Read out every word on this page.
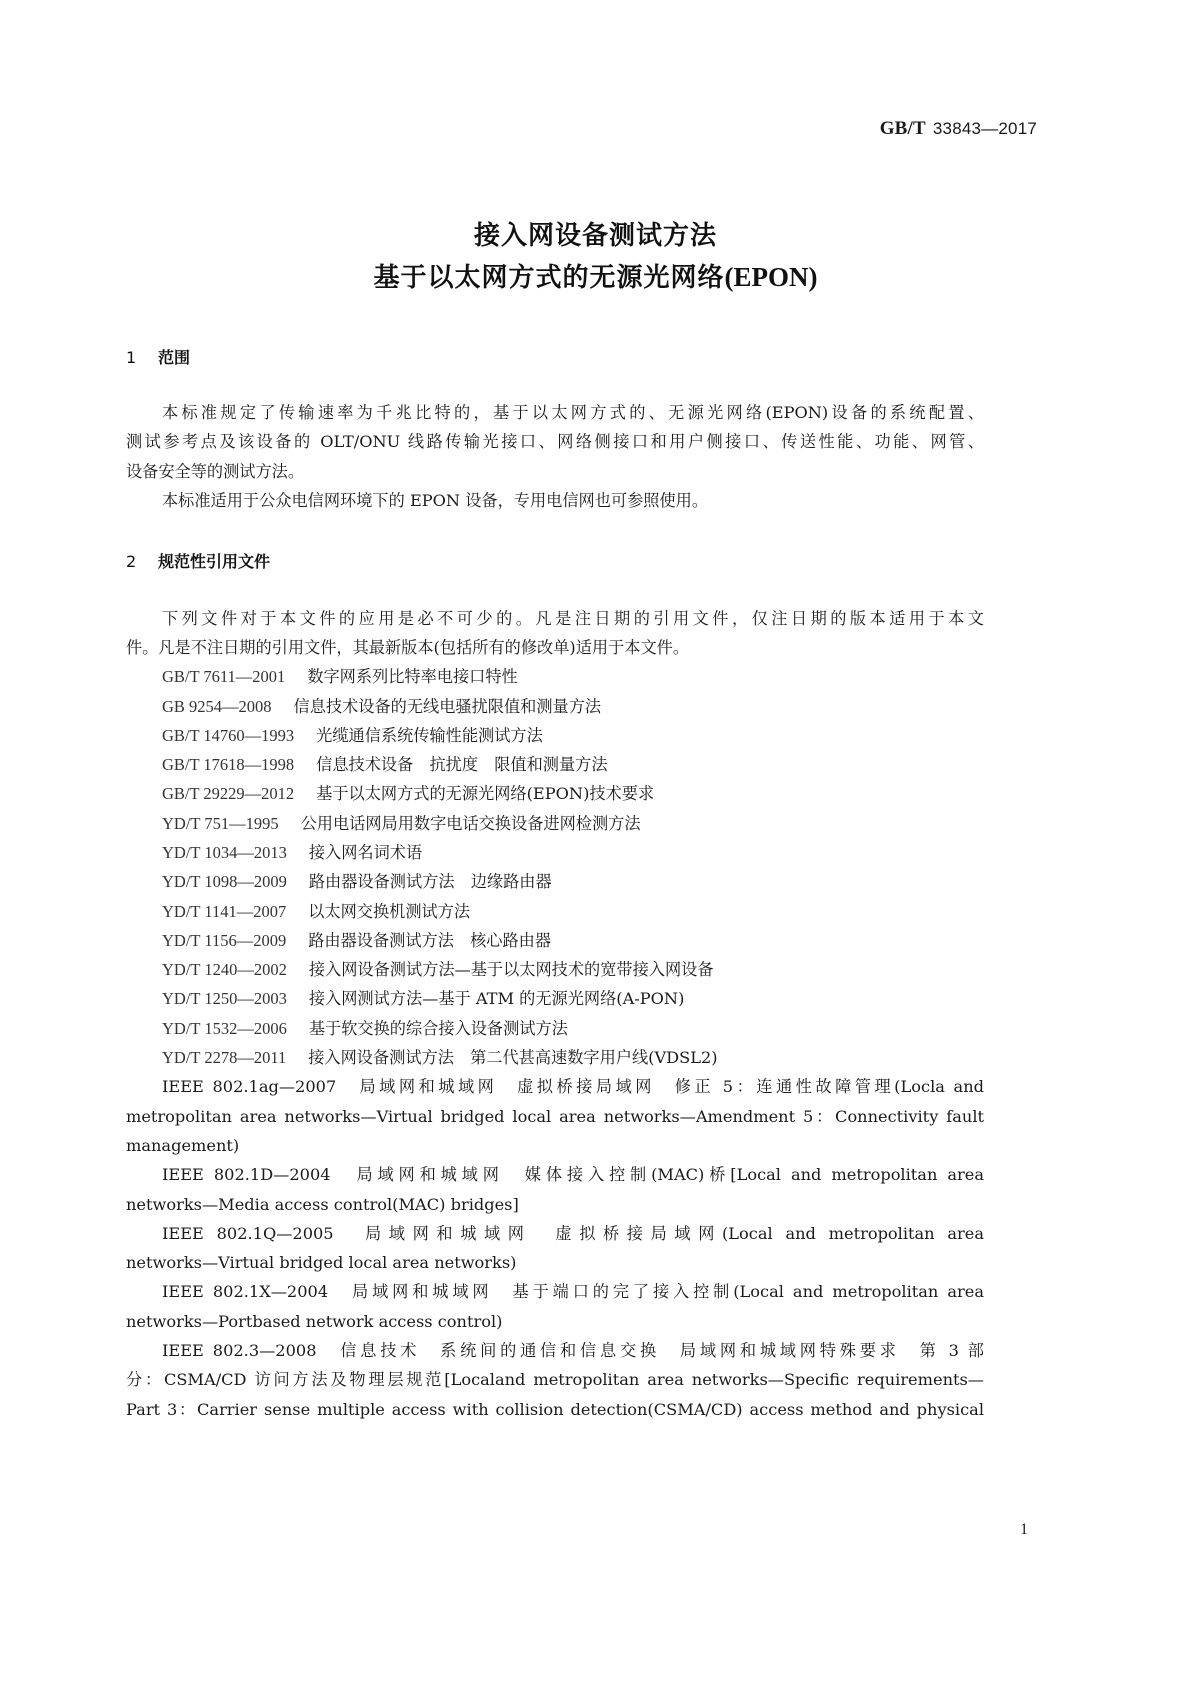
GB/T 33843—2017
接入网设备测试方法
基于以太网方式的无源光网络(EPON)
1 范围
本标准规定了传输速率为千兆比特的，基于以太网方式的、无源光网络(EPON)设备的系统配置、
测试参考点及该设备的 OLT/ONU 线路传输光接口、网络侧接口和用户侧接口、传送性能、功能、网管、
设备安全等的测试方法。
本标准适用于公众电信网环境下的 EPON 设备，专用电信网也可参照使用。
2 规范性引用文件
下列文件对于本文件的应用是必不可少的。凡是注日期的引用文件，仅注日期的版本适用于本文
件。凡是不注日期的引用文件，其最新版本(包括所有的修改单)适用于本文件。
GB/T 7611—2001 数字网系列比特率电接口特性
GB 9254—2008 信息技术设备的无线电骚扰限值和测量方法
GB/T 14760—1993 光缆通信系统传输性能测试方法
GB/T 17618—1998 信息技术设备　抗扰度　限值和测量方法
GB/T 29229—2012 基于以太网方式的无源光网络(EPON)技术要求
YD/T 751—1995 公用电话网局用数字电话交换设备进网检测方法
YD/T 1034—2013 接入网名词术语
YD/T 1098—2009 路由器设备测试方法　边缘路由器
YD/T 1141—2007 以太网交换机测试方法
YD/T 1156—2009 路由器设备测试方法　核心路由器
YD/T 1240—2002 接入网设备测试方法—基于以太网技术的宽带接入网设备
YD/T 1250—2003 接入网测试方法—基于 ATM 的无源光网络(A-PON)
YD/T 1532—2006 基于软交换的综合接入设备测试方法
YD/T 2278—2011 接入网设备测试方法　第二代甚高速数字用户线(VDSL2)
IEEE 802.1ag—2007　局域网和城域网　虚拟桥接局域网　修正 5：连通性故障管理(Locla and
metropolitan area networks—Virtual bridged local area networks—Amendment 5：Connectivity fault
management)
IEEE 802.1D—2004　局域网和城域网　媒体接入控制(MAC)桥[Local and metropolitan area
networks—Media access control(MAC) bridges]
IEEE 802.1Q—2005　局域网和城域网　虚拟桥接局域网(Local and metropolitan area
networks—Virtual bridged local area networks)
IEEE 802.1X—2004　局域网和城域网　基于端口的完了接入控制(Local and metropolitan area
networks—Portbased network access control)
IEEE 802.3—2008　信息技术　系统间的通信和信息交换　局域网和城域网特殊要求　第 3 部
分：CSMA/CD 访问方法及物理层规范[Localand metropolitan area networks—Specific requirements—
Part 3：Carrier sense multiple access with collision detection(CSMA/CD) access method and physical
1
